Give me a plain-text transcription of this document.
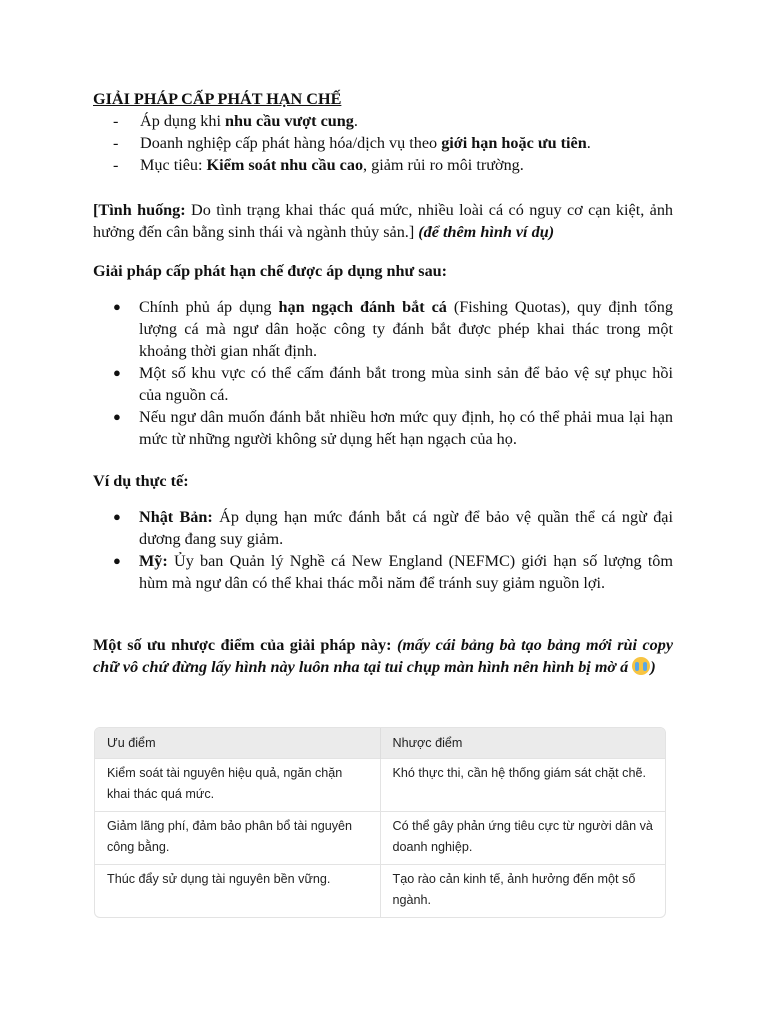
GIẢI PHÁP CẤP PHÁT HẠN CHẾ

- Áp dụng khi nhu cầu vượt cung.
- Doanh nghiệp cấp phát hàng hóa/dịch vụ theo giới hạn hoặc ưu tiên.
- Mục tiêu: Kiểm soát nhu cầu cao, giảm rủi ro môi trường.

[Tình huống: Do tình trạng khai thác quá mức, nhiều loài cá có nguy cơ cạn kiệt, ảnh hưởng đến cân bằng sinh thái và ngành thủy sản.] (để thêm hình ví dụ)

Giải pháp cấp phát hạn chế được áp dụng như sau:

● Chính phủ áp dụng hạn ngạch đánh bắt cá (Fishing Quotas), quy định tổng lượng cá mà ngư dân hoặc công ty đánh bắt được phép khai thác trong một khoảng thời gian nhất định.
● Một số khu vực có thể cấm đánh bắt trong mùa sinh sản để bảo vệ sự phục hồi của nguồn cá.
● Nếu ngư dân muốn đánh bắt nhiều hơn mức quy định, họ có thể phải mua lại hạn mức từ những người không sử dụng hết hạn ngạch của họ.

Ví dụ thực tế:

● Nhật Bản: Áp dụng hạn mức đánh bắt cá ngừ để bảo vệ quần thể cá ngừ đại dương đang suy giảm.
● Mỹ: Ủy ban Quản lý Nghề cá New England (NEFMC) giới hạn số lượng tôm hùm mà ngư dân có thể khai thác mỗi năm để tránh suy giảm nguồn lợi.

Một số ưu nhược điểm của giải pháp này: (mấy cái bảng bà tạo bảng mới rùi copy chữ vô chứ đừng lấy hình này luôn nha tại tui chụp màn hình nên hình bị mờ á )

Ưu điểm	Nhược điểm
Kiểm soát tài nguyên hiệu quả, ngăn chặn khai thác quá mức.	Khó thực thi, cần hệ thống giám sát chặt chẽ.
Giảm lãng phí, đảm bảo phân bổ tài nguyên công bằng.	Có thể gây phản ứng tiêu cực từ người dân và doanh nghiệp.
Thúc đẩy sử dụng tài nguyên bền vững.	Tạo rào cản kinh tế, ảnh hưởng đến một số ngành.
